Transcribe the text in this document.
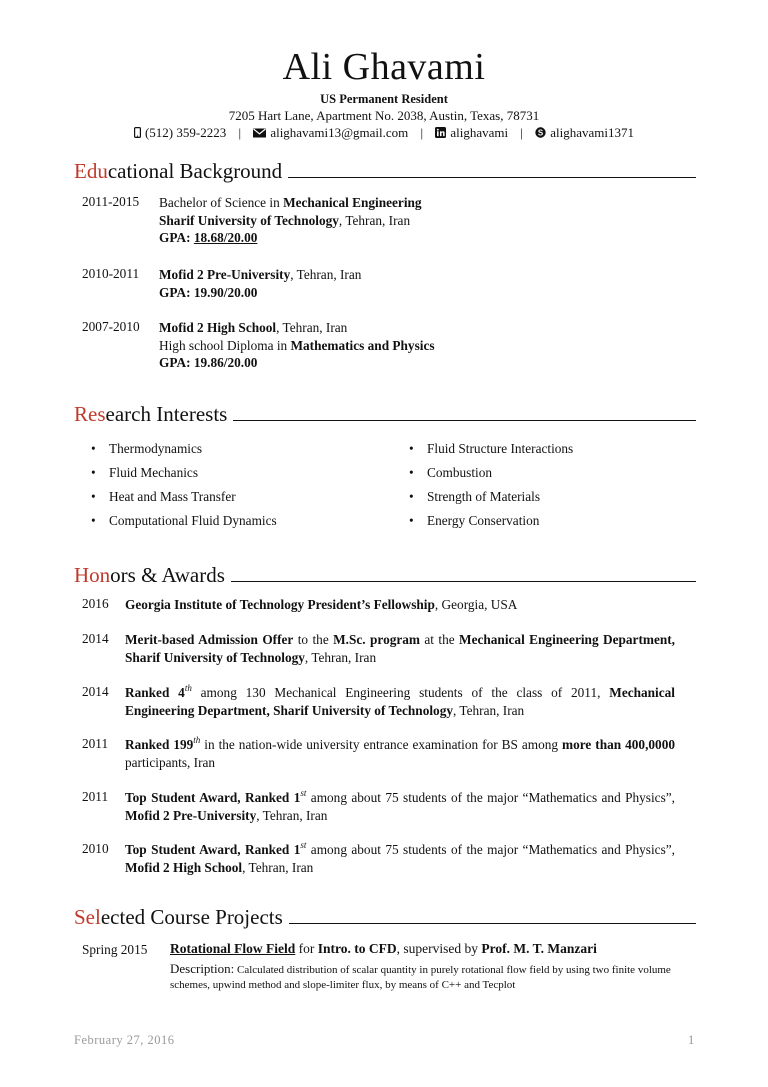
Ali Ghavami
US Permanent Resident
7205 Hart Lane, Apartment No. 2038, Austin, Texas, 78731
(512) 359-2223 | alighavami13@gmail.com | alighavami | S alighavami1371
Educational Background
2011-2015 Bachelor of Science in Mechanical Engineering
Sharif University of Technology, Tehran, Iran
GPA: 18.68/20.00
2010-2011 Mofid 2 Pre-University, Tehran, Iran
GPA: 19.90/20.00
2007-2010 Mofid 2 High School, Tehran, Iran
High school Diploma in Mathematics and Physics
GPA: 19.86/20.00
Research Interests
• Thermodynamics
• Fluid Mechanics
• Heat and Mass Transfer
• Computational Fluid Dynamics
• Fluid Structure Interactions
• Combustion
• Strength of Materials
• Energy Conservation
Honors & Awards
2016 Georgia Institute of Technology President’s Fellowship, Georgia, USA
2014 Merit-based Admission Offer to the M.Sc. program at the Mechanical Engineering Department, Sharif University of Technology, Tehran, Iran
2014 Ranked 4th among 130 Mechanical Engineering students of the class of 2011, Mechanical Engineering Department, Sharif University of Technology, Tehran, Iran
2011 Ranked 199th in the nation-wide university entrance examination for BS among more than 400,0000 participants, Iran
2011 Top Student Award, Ranked 1st among about 75 students of the major “Mathematics and Physics”, Mofid 2 Pre-University, Tehran, Iran
2010 Top Student Award, Ranked 1st among about 75 students of the major “Mathematics and Physics”, Mofid 2 High School, Tehran, Iran
Selected Course Projects
Spring 2015 Rotational Flow Field for Intro. to CFD, supervised by Prof. M. T. Manzari
Description: Calculated distribution of scalar quantity in purely rotational flow field by using two finite volume schemes, upwind method and slope-limiter flux, by means of C++ and Tecplot
February 27, 2016	1
